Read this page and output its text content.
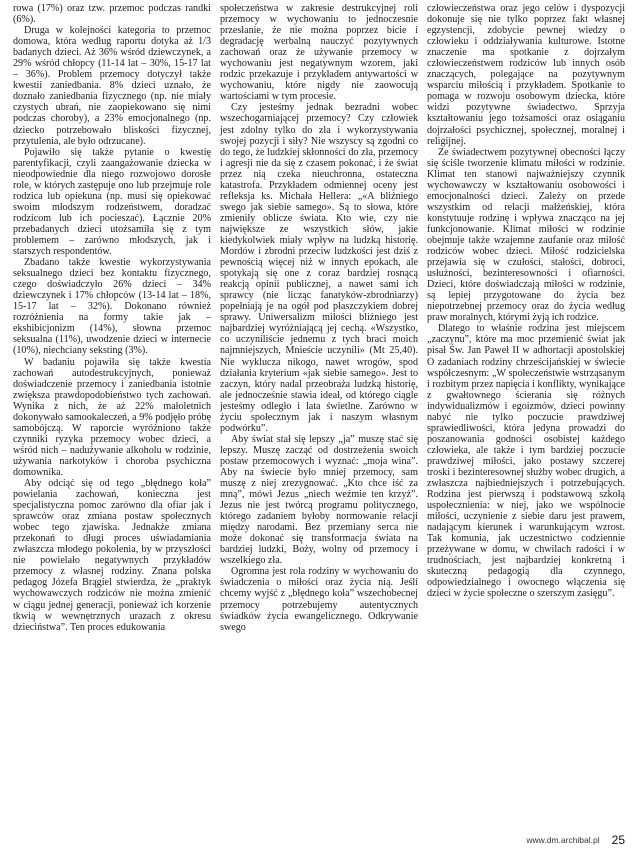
rowa (17%) oraz tzw. przemoc podczas randki (6%).

Druga w kolejności kategoria to przemoc domowa, która według raportu dotyka aż 1/3 badanych dzieci. Aż 36% wśród dziewczynek, a 29% wśród chłopcy (11-14 lat – 30%, 15-17 lat – 36%). Problem przemocy dotyczył także kwestii zaniedbania. 8% dzieci uznało, że doznało zaniedbania fizycznego (np. nie miały czystych ubrań, nie zaopiekowano się nimi podczas choroby), a 23% emocjonalnego (np. dziecko potrzebowało bliskości fizycznej, przytulenia, ale było odrzucane).

Pojawiło się także pytanie o kwestię parentyfikacji, czyli zaangażowanie dziecka w nieodpowiednie dla niego rozwojowo dorosłe role, w których zastępuje ono lub przejmuje role rodzica lub opiekuna (np. musi się opiekować swoim młodszym rodzeństwem, doradzać rodzicom lub ich pocieszać). Łącznie 20% przebadanych dzieci utożsamiła się z tym problemem – zarówno młodszych, jak i starszych respondentów.

Zbadano także kwestie wykorzystywania seksualnego dzieci bez kontaktu fizycznego, czego doświadczyło 26% dzieci – 34% dziewczynek i 17% chłopców (13-14 lat – 18%, 15-17 lat – 32%). Dokonano również rozróżnienia na formy takie jak – ekshibicjonizm (14%), słowna przemoc seksualna (11%), uwodzenie dzieci w internecie (10%), niechciany seksting (3%).

W badaniu pojawiła się także kwestia zachowań autodestrukcyjnych, ponieważ doświadczenie przemocy i zaniedbania istotnie zwiększa prawdopodobieństwo tych zachowań. Wynika z nich, że aż 22% małoletnich dokonywało samookaleczeń, a 9% podjęło próbę samobójczą. W raporcie wyróżniono także czynniki ryzyka przemocy wobec dzieci, a wśród nich – nadużywanie alkoholu w rodzinie, używania narkotyków i choroba psychiczna domownika.

Aby odciąć się od tego „błędnego koła” powielania zachowań, konieczna jest specjalistyczna pomoc zarówno dla ofiar jak i sprawców oraz zmiana postaw społecznych wobec tego zjawiska. Jednakże zmiana przekonań to długi proces uświadamiania zwłaszcza młodego pokolenia, by w przyszłości nie powielało negatywnych przykładów przemocy z własnej rodziny. Znana polska pedagog Józefa Brągiel stwierdza, że „praktyk wychowawczych rodziców nie można zmienić w ciągu jednej generacji, ponieważ ich korzenie tkwią w wewnętrznych urazach z okresu dzieciństwa”. Ten proces edukowania

społeczeństwa w zakresie destrukcyjnej roli przemocy w wychowaniu to jednoczesnie przesłanie, że nie można poprzez bicie i degradację werbalną nauczyć pozytywnych zachowań oraz że używanie przemocy w wychowaniu jest negatywnym wzorem, jaki rodzic przekazuje i przykładem antywartości w wychowaniu, które nigdy nie zaowocują wartościami w tym procesie.

Czy jesteśmy jednak bezradni wobec wszechogarniającej przemocy? Czy człowiek jest zdolny tylko do zła i wykorzystywania swojej pozycji i siły? Nie wszyscy są zgodni co do tego, że ludzkiej skłonności do zła, przemocy i agresji nie da się z czasem pokonać, i że świat przez nią czeka nieuchronna, ostateczna katastrofa. Przykładem odmiennej oceny jest refleksja ks. Michała Hellera: „«A bliźniego swego jak siebie samego». Są to słowa, które zmieniły oblicze świata. Kto wie, czy nie największe ze wszystkich słów, jakie kiedykolwiek miały wpływ na ludzką historię. Mordów i zbrodni przeciw ludzkości jest dziś z pewnością więcej niż w innych epokach, ale spotykają się one z coraz bardziej rosnącą reakcją opinii publicznej, a nawet sami ich sprawcy (nie licząc fanatyków-zbrodniarzy) popełniają je na ogół pod płaszczykiem dobrej sprawy. Uniwersalizm miłości bliźniego jest najbardziej wyróżniającą jej cechą. «Wszystko, co uczyniliście jednemu z tych braci moich najmniejszych, Mnieście uczynili» (Mt 25,40). Nie wyklucza nikogo, nawet wrogów, spod działania kryterium «jak siebie samego». Jest to zaczyn, który nadal przeobraża ludzką historię, ale jednocześnie stawia ideał, od którego ciągle jesteśmy odległo i lata świetlne. Zarówno w życiu społecznym jak i naszym własnym podwórku”.

Aby świat stał się lepszy „ja” muszę stać się lepszy. Muszę zacząć od dostrzeżenia swoich postaw przemocowych i wyznać: „moja wina”. Aby na świecie było mniej przemocy, sam muszę z niej zrezygnować. „Kto chce iść za mną”, mówi Jezus „niech weźmie ten krzyż”. Jezus nie jest twórcą programu politycznego, którego zadaniem byłoby normowanie relacji między narodami. Bez przemiany serca nie może dokonać się transformacja świata na bardziej ludzki, Boży, wolny od przemocy i wszelkiego zła.

Ogromna jest rola rodziny w wychowaniu do świadczenia o miłości oraz życia nią. Jeśli chcemy wyjść z „błędnego koła” wszechobecnej przemocy potrzebujemy autentycznych świadków życia ewangelicznego. Odkrywanie swego

człowieczeństwa oraz jego celów i dyspozycji dokonuje się nie tylko poprzez fakt własnej egzystencji, zdobycie pewnej wiedzy o człowieku i oddziaływania kulturowe. Istotne znaczenie ma spotkanie z dojrzałym człowieczeństwem rodziców lub innych osób znaczących, polegające na pozytywnym wsparciu miłością i przykładem. Spotkanie to pomaga w rozwoju osobowym dziecka, które widzi pozytywne świadectwo. Sprzyja kształtowaniu jego tożsamości oraz osiąganiu dojrzałości psychicznej, społecznej, moralnej i religijnej.

Ze świadectwem pozytywnej obecności łączy się ściśle tworzenie klimatu miłości w rodzinie. Klimat ten stanowi najważniejszy czynnik wychowawczy w kształtowaniu osobowości i emocjonalności dzieci. Zależy on przede wszystkim od relacji małżeńskiej, która konstytuuje rodzinę i wpływa znacząco na jej funkcjonowanie. Klimat miłości w rodzinie obejmuje także wzajemne zaufanie oraz miłość rodziców wobec dzieci. Miłość rodzicielska przejawia się w czułości, stałości, dobroci, usłużności, bezinteresowności i ofiarności. Dzieci, które doświadczają miłości w rodzinie, są lepiej przygotowane do życia bez niepotrzebnej przemocy oraz do życia według praw moralnych, którymi żyją ich rodzice.

Dlatego to właśnie rodzina jest miejscem „zaczynu”, które ma moc przemienić świat jak pisał Św. Jan Paweł II w adhortacji apostolskiej O zadaniach rodziny chrześcijańskiej w świecie współczesnym: „W społeczeństwie wstrząsanym i rozbitym przez napięcia i konflikty, wynikające z gwałtownego ścierania się różnych indywidualizmów i egoizmów, dzieci powinny nabyć nie tylko poczucie prawdziwej sprawiedliwości, która jedyna prowadzi do poszanowania godności osobistej każdego człowieka, ale także i tym bardziej poczucie prawdziwej miłości, jako postawy szczerej troski i bezinteresownej służby wobec drugich, a zwłaszcza najbiedniejszych i potrzebujących. Rodzina jest pierwszą i podstawową szkołą uspołecznienia: w niej, jako we wspólnocie miłości, uczynienie z siebie daru jest prawem, nadającym kierunek i warunkującym wzrost. Tak komunia, jak uczestnictwo codziennie przeżywane w domu, w chwilach radości i w trudnościach, jest najbardziej konkretną i skuteczną pedagogią dla czynnego, odpowiedzialnego i owocnego włączenia się dzieci w życie społeczne o szerszym zasięgu”.

www.dm.archibal.pl 25
